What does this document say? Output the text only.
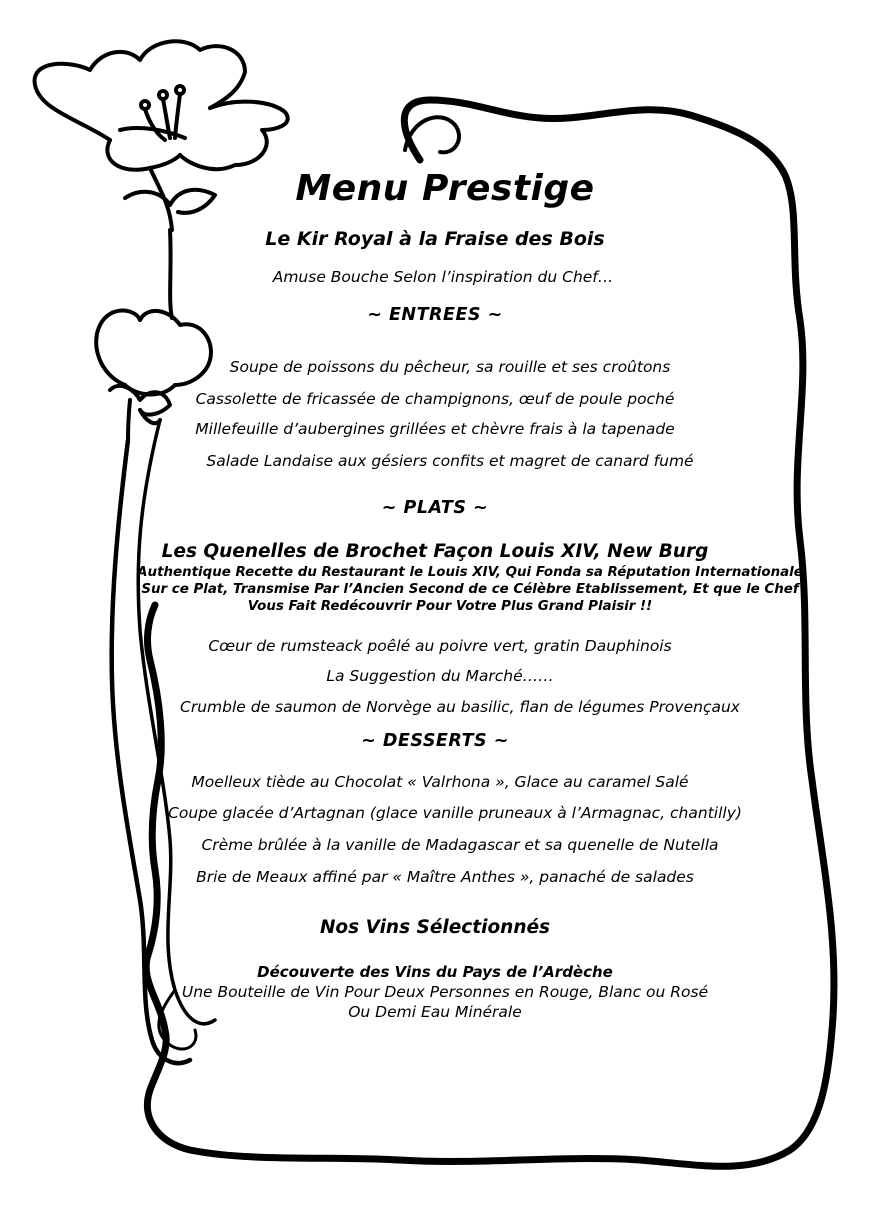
Menu Prestige
Le Kir Royal à la Fraise des Bois
Amuse Bouche Selon l’inspiration du Chef…
~ ENTREES ~
Soupe de poissons du pêcheur, sa rouille et ses croûtons
Cassolette de fricassée de champignons, œuf de poule poché
Millefeuille d’aubergines grillées et chèvre frais à la tapenade
Salade Landaise aux gésiers confits et magret de canard fumé
~ PLATS ~
Les Quenelles de Brochet Façon Louis XIV, New Burg
Authentique Recette du Restaurant le Louis XIV, Qui Fonda sa Réputation Internationale
Sur ce Plat, Transmise Par l’Ancien Second de ce Célèbre Etablissement, Et que le Chef
Vous Fait Redécouvrir Pour Votre Plus Grand Plaisir !!
Cœur de rumsteack poêlé au poivre vert, gratin Dauphinois
La Suggestion du Marché……
Crumble de saumon de Norvège au basilic, flan de légumes Provençaux
~ DESSERTS ~
Moelleux tiède au Chocolat « Valrhona », Glace au caramel Salé
Coupe glacée d’Artagnan (glace vanille pruneaux à l’Armagnac, chantilly)
Crème brûlée à la vanille de Madagascar et sa quenelle de Nutella
Brie de Meaux affiné par « Maître Anthes », panaché de salades
Nos Vins Sélectionnés
Découverte des Vins du Pays de l’Ardèche
Une Bouteille de Vin Pour Deux Personnes en Rouge, Blanc ou Rosé
Ou Demi Eau Minérale
